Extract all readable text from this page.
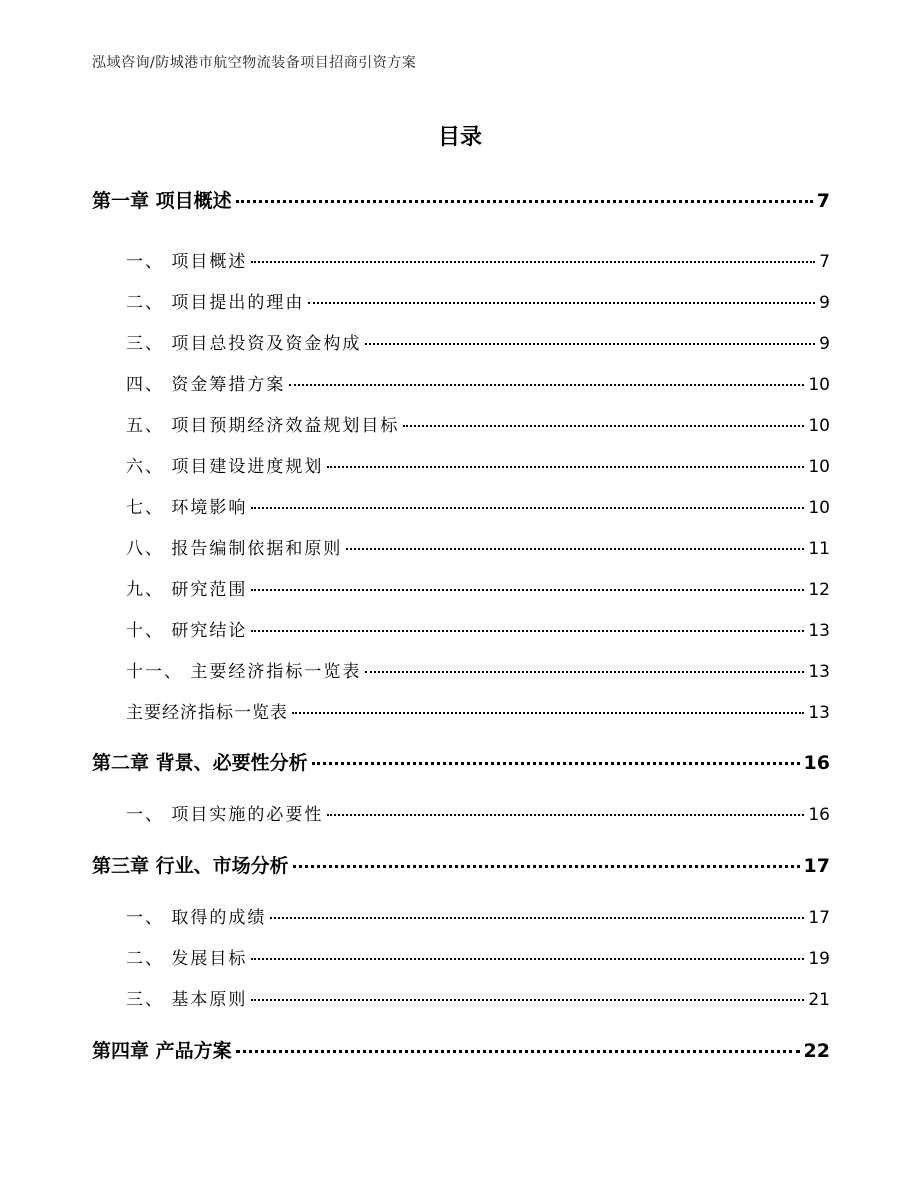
泓域咨询/防城港市航空物流装备项目招商引资方案
目录
第一章 项目概述	7
一、 项目概述	7
二、 项目提出的理由	9
三、 项目总投资及资金构成	9
四、 资金筹措方案	10
五、 项目预期经济效益规划目标	10
六、 项目建设进度规划	10
七、 环境影响	10
八、 报告编制依据和原则	11
九、 研究范围	12
十、 研究结论	13
十一、 主要经济指标一览表	13
主要经济指标一览表	13
第二章 背景、必要性分析	16
一、 项目实施的必要性	16
第三章 行业、市场分析	17
一、 取得的成绩	17
二、 发展目标	19
三、 基本原则	21
第四章 产品方案	22
